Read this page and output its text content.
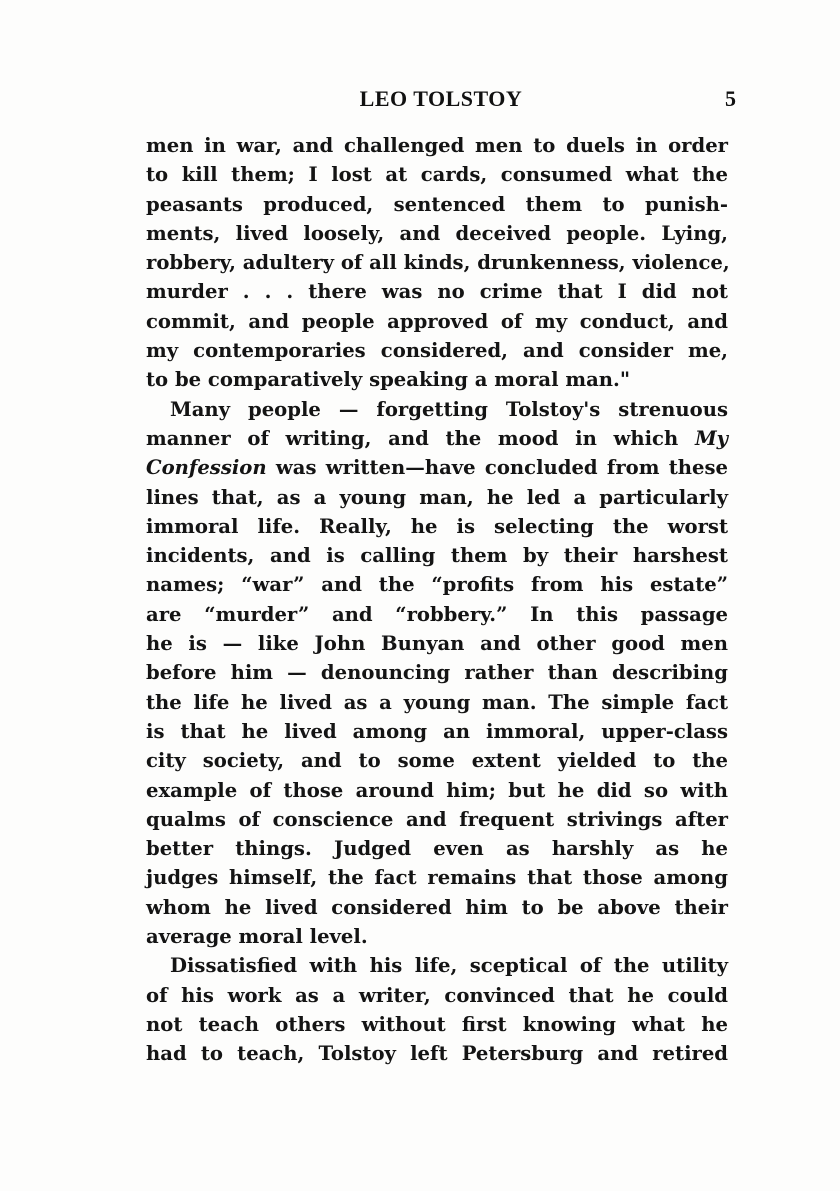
LEO TOLSTOY	5

men in war, and challenged men to duels in order
to kill them; I lost at cards, consumed what the
peasants produced, sentenced them to punish-
ments, lived loosely, and deceived people. Lying,
robbery, adultery of all kinds, drunkenness, violence,
murder . . . there was no crime that I did not
commit, and people approved of my conduct, and
my contemporaries considered, and consider me,
to be comparatively speaking a moral man."

Many people — forgetting Tolstoy's strenuous
manner of writing, and the mood in which My
Confession was written—have concluded from these
lines that, as a young man, he led a particularly
immoral life. Really, he is selecting the worst
incidents, and is calling them by their harshest
names; “war” and the “profits from his estate”
are “murder” and “robbery.” In this passage
he is — like John Bunyan and other good men
before him — denouncing rather than describing
the life he lived as a young man. The simple fact
is that he lived among an immoral, upper-class
city society, and to some extent yielded to the
example of those around him; but he did so with
qualms of conscience and frequent strivings after
better things. Judged even as harshly as he
judges himself, the fact remains that those among
whom he lived considered him to be above their
average moral level.

Dissatisfied with his life, sceptical of the utility
of his work as a writer, convinced that he could
not teach others without first knowing what he
had to teach, Tolstoy left Petersburg and retired
